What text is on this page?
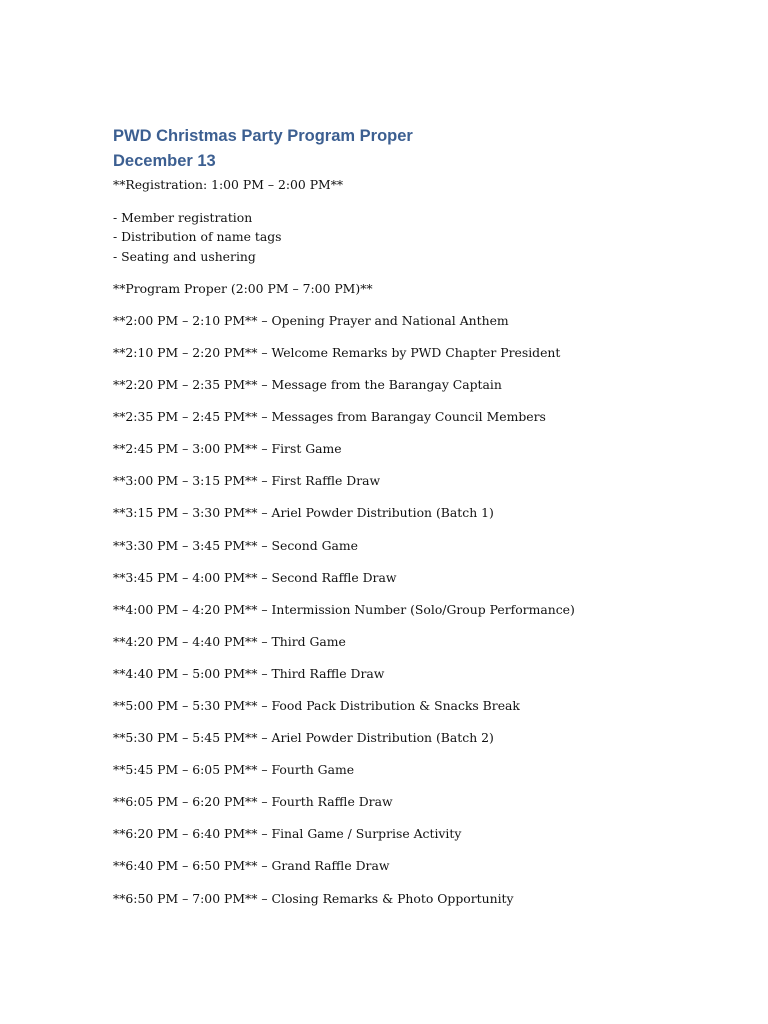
PWD Christmas Party Program Proper
December 13

**Registration: 1:00 PM – 2:00 PM**

- Member registration
- Distribution of name tags
- Seating and ushering

**Program Proper (2:00 PM – 7:00 PM)**

**2:00 PM – 2:10 PM** – Opening Prayer and National Anthem
**2:10 PM – 2:20 PM** – Welcome Remarks by PWD Chapter President
**2:20 PM – 2:35 PM** – Message from the Barangay Captain
**2:35 PM – 2:45 PM** – Messages from Barangay Council Members
**2:45 PM – 3:00 PM** – First Game
**3:00 PM – 3:15 PM** – First Raffle Draw
**3:15 PM – 3:30 PM** – Ariel Powder Distribution (Batch 1)
**3:30 PM – 3:45 PM** – Second Game
**3:45 PM – 4:00 PM** – Second Raffle Draw
**4:00 PM – 4:20 PM** – Intermission Number (Solo/Group Performance)
**4:20 PM – 4:40 PM** – Third Game
**4:40 PM – 5:00 PM** – Third Raffle Draw
**5:00 PM – 5:30 PM** – Food Pack Distribution & Snacks Break
**5:30 PM – 5:45 PM** – Ariel Powder Distribution (Batch 2)
**5:45 PM – 6:05 PM** – Fourth Game
**6:05 PM – 6:20 PM** – Fourth Raffle Draw
**6:20 PM – 6:40 PM** – Final Game / Surprise Activity
**6:40 PM – 6:50 PM** – Grand Raffle Draw
**6:50 PM – 7:00 PM** – Closing Remarks & Photo Opportunity
